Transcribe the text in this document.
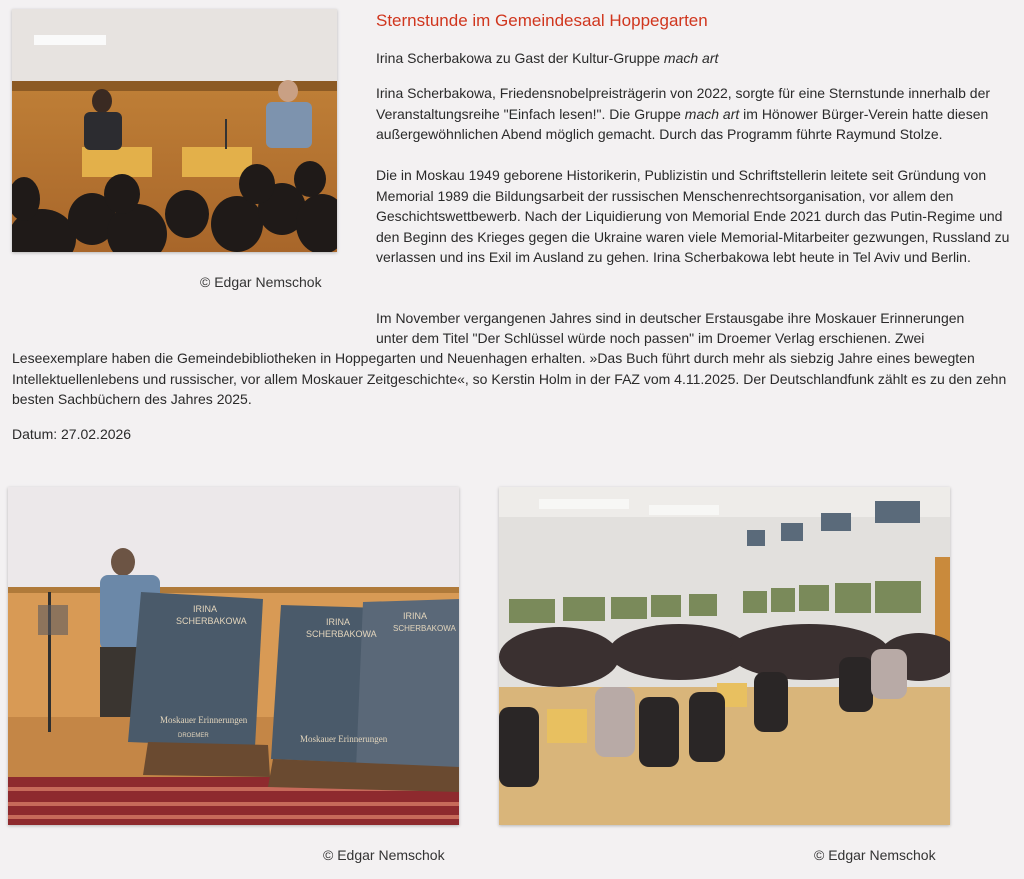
© Edgar Nemschok
Sternstunde im Gemeindesaal Hoppegarten

Irina Scherbakowa zu Gast der Kultur-Gruppe mach art

Irina Scherbakowa, Friedensnobelpreisträgerin von 2022, sorgte für eine Sternstunde innerhalb der Veranstaltungsreihe "Einfach lesen!". Die Gruppe mach art im Hönower Bürger-Verein hatte diesen außergewöhnlichen Abend möglich gemacht. Durch das Programm führte Raymund Stolze.

Die in Moskau 1949 geborene Historikerin, Publizistin und Schriftstellerin leitete seit Gründung von Memorial 1989 die Bildungsarbeit der russischen Menschenrechtsorganisation, vor allem den Geschichtswettbewerb. Nach der Liquidierung von Memorial Ende 2021 durch das Putin-Regime und den Beginn des Krieges gegen die Ukraine waren viele Memorial-Mitarbeiter gezwungen, Russland zu verlassen und ins Exil im Ausland zu gehen. Irina Scherbakowa lebt heute in Tel Aviv und Berlin.

Im November vergangenen Jahres sind in deutscher Erstausgabe ihre Moskauer Erinnerungen

unter dem Titel "Der Schlüssel würde noch passen" im Droemer Verlag erschienen. Zwei

Leseexemplare haben die Gemeindebibliotheken in Hoppegarten und Neuenhagen erhalten. »Das Buch führt durch mehr als siebzig Jahre eines bewegten Intellektuellenlebens und russischer, vor allem Moskauer Zeitgeschichte«, so Kerstin Holm in der FAZ vom 4.11.2025. Der Deutschlandfunk zählt es zu den zehn besten Sachbüchern des Jahres 2025.

Datum: 27.02.2026
IRINA
SCHERBAKOWA
Moskauer Erinnerungen
DROEMER
IRINA
SCHERBAKOWA
Moskauer Erinnerungen
IRINA
SCHERBAKOWA
© Edgar Nemschok	© Edgar Nemschok
